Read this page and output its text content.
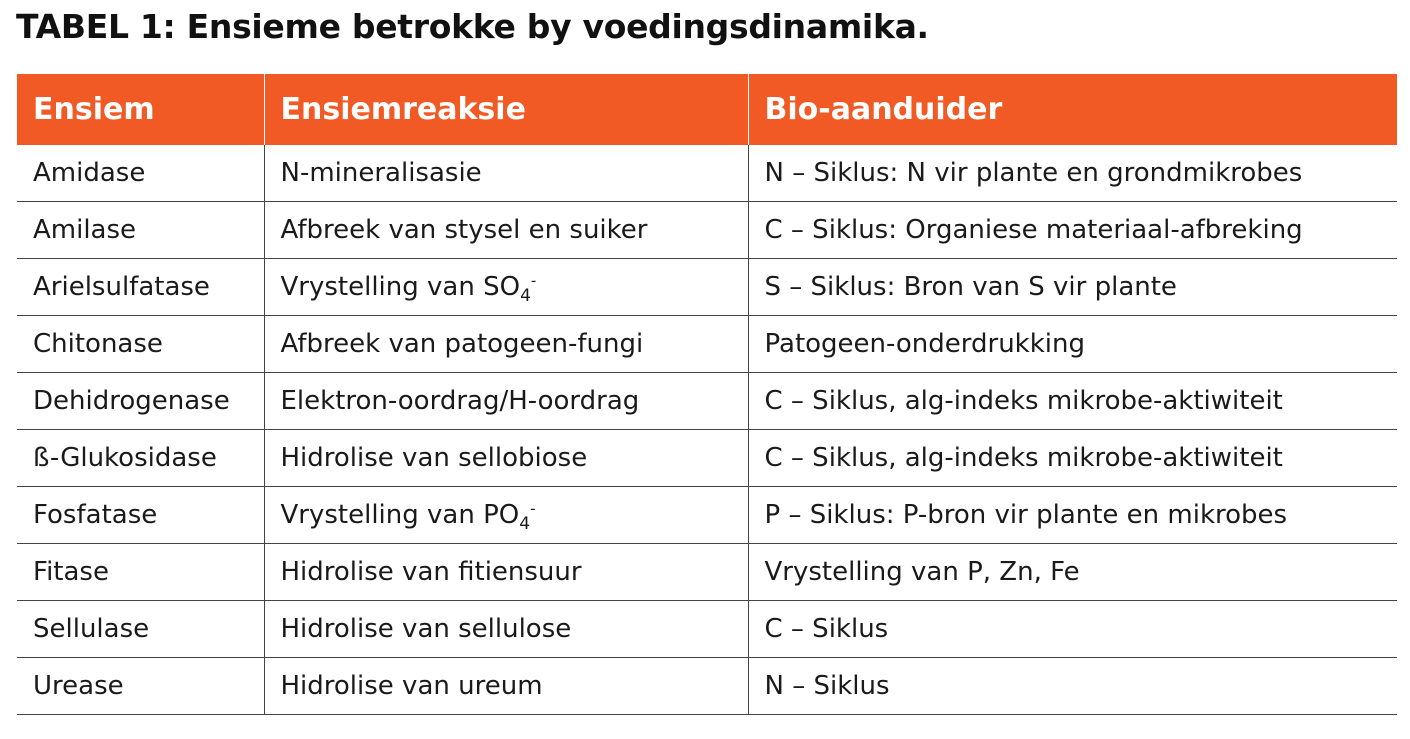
TABEL 1: Ensieme betrokke by voedingsdinamika.
Ensiem	Ensiemreaksie	Bio-aanduider
Amidase	N-mineralisasie	N – Siklus: N vir plante en grondmikrobes
Amilase	Afbreek van stysel en suiker	C – Siklus: Organiese materiaal-afbreking
Arielsulfatase	Vrystelling van $SO_4^-$	S – Siklus: Bron van S vir plante
Chitonase	Afbreek van patogeen-fungi	Patogeen-onderdrukking
Dehidrogenase	Elektron-oordrag/H-oordrag	C – Siklus, alg-indeks mikrobe-aktiwiteit
ß-Glukosidase	Hidrolise van sellobiose	C – Siklus, alg-indeks mikrobe-aktiwiteit
Fosfatase	Vrystelling van $PO_4^-$	P – Siklus: P-bron vir plante en mikrobes
Fitase	Hidrolise van fitiensuur	Vrystelling van P, Zn, Fe
Sellulase	Hidrolise van sellulose	C – Siklus
Urease	Hidrolise van ureum	N – Siklus
